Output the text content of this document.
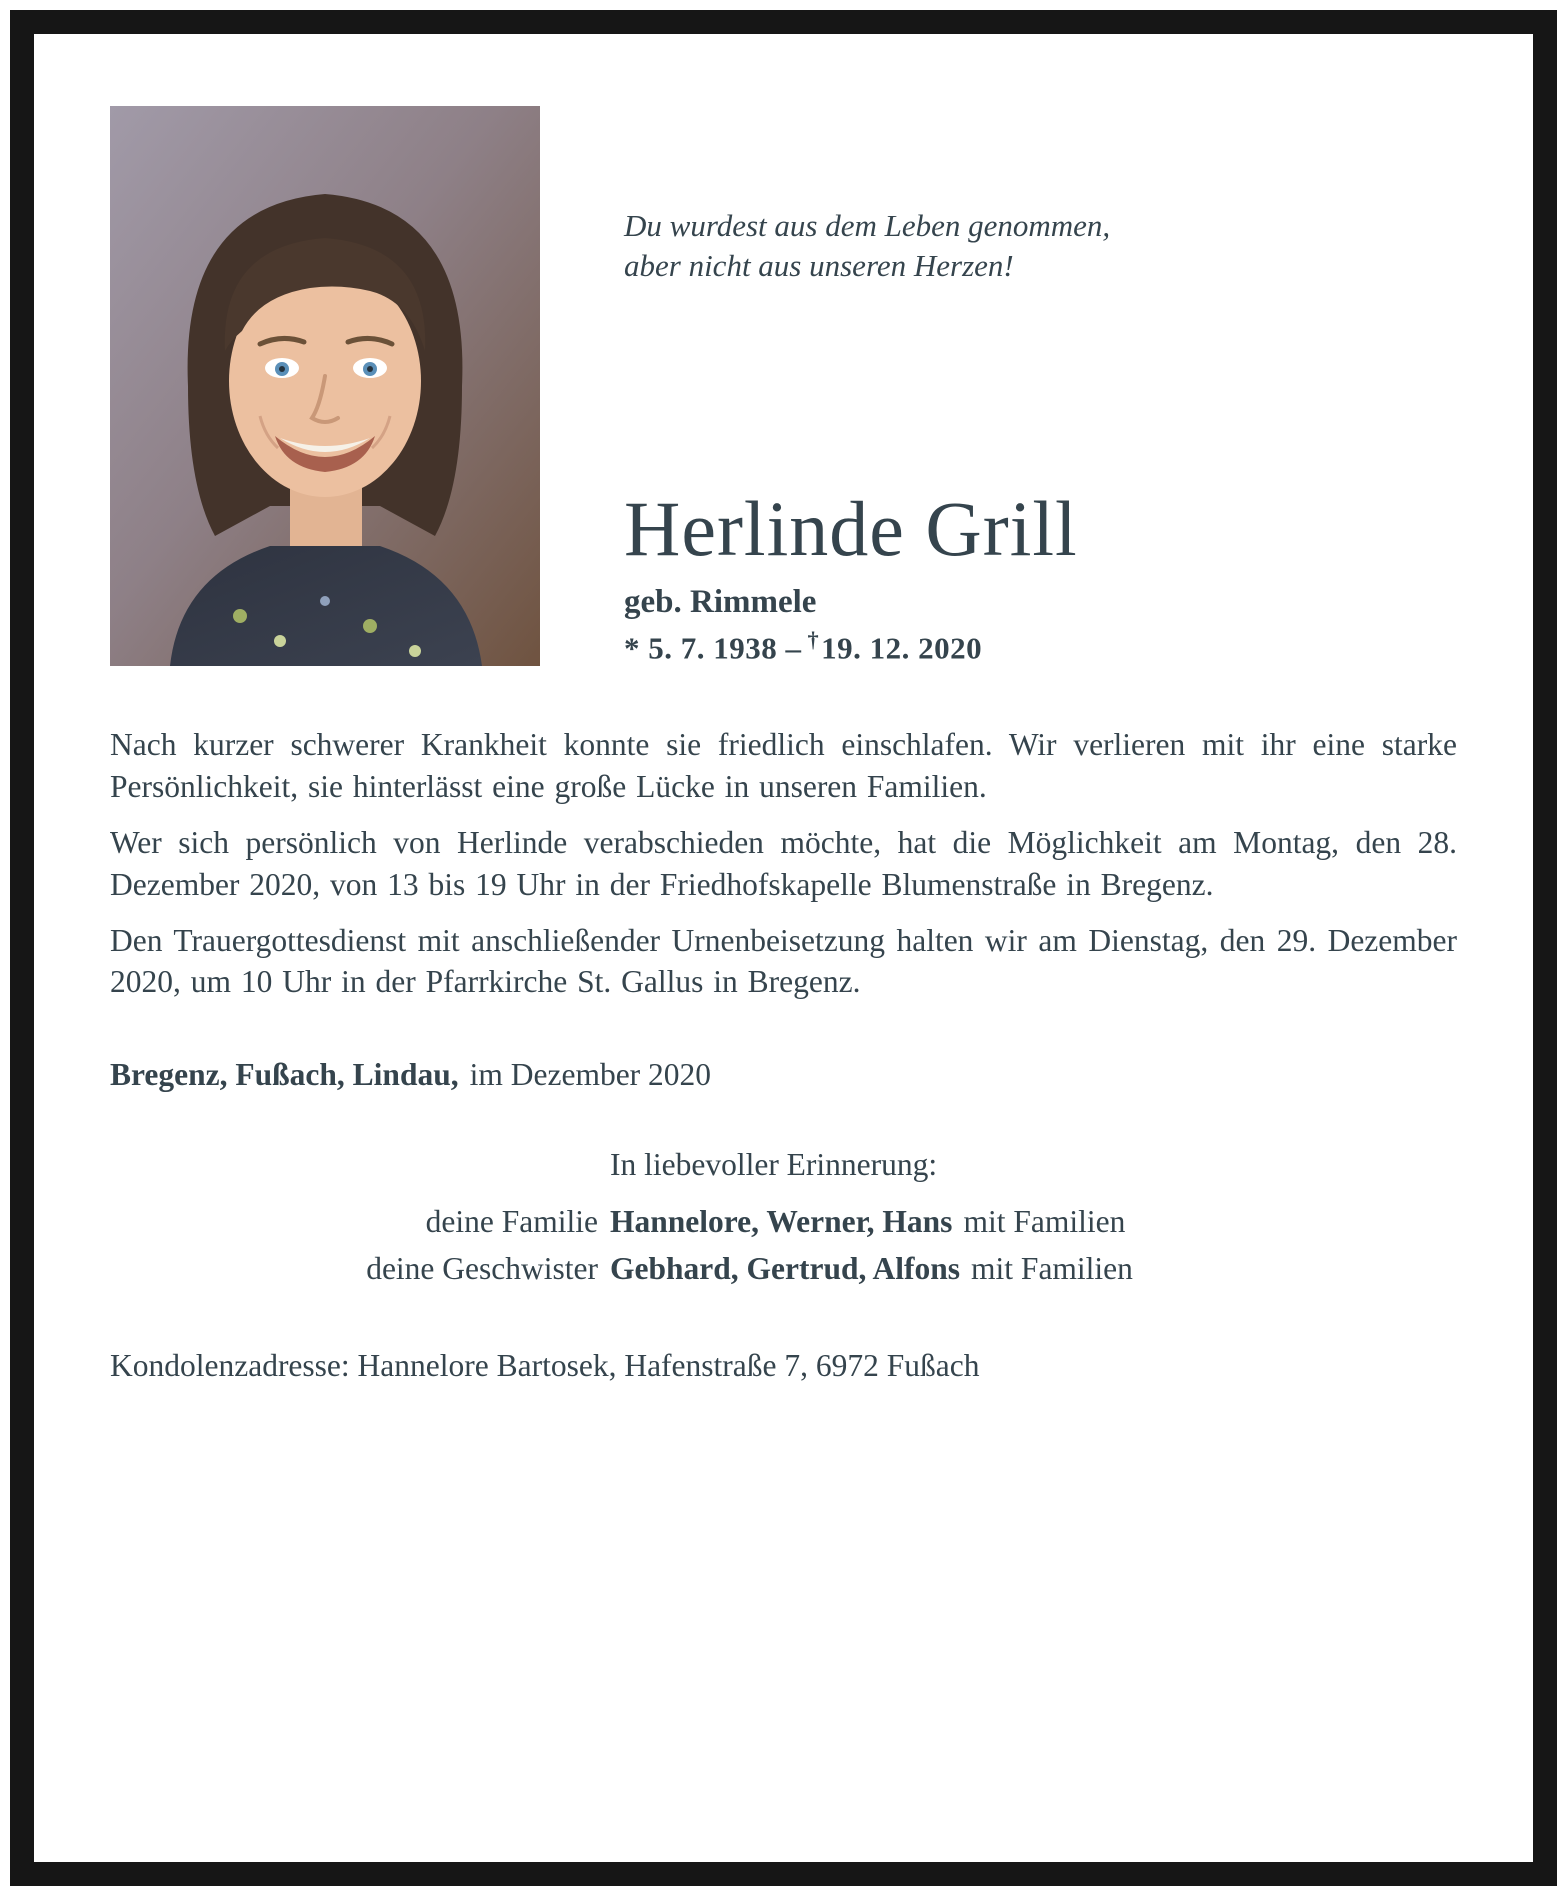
Du wurdest aus dem Leben genommen,
aber nicht aus unseren Herzen!
Herlinde Grill
geb. Rimmele
* 5. 7. 1938 – †19. 12. 2020

Nach kurzer schwerer Krankheit konnte sie friedlich einschlafen. Wir verlieren mit ihr eine starke Persönlichkeit, sie hinterlässt eine große Lücke in unseren Familien.

Wer sich persönlich von Herlinde verabschieden möchte, hat die Möglichkeit am Montag, den 28. Dezember 2020, von 13 bis 19 Uhr in der Friedhofskapelle Blumenstraße in Bregenz.

Den Trauergottesdienst mit anschließender Urnenbeisetzung halten wir am Dienstag, den 29. Dezember 2020, um 10 Uhr in der Pfarrkirche St. Gallus in Bregenz.

Bregenz, Fußach, Lindau, im Dezember 2020
In liebevoller Erinnerung:
deine Familie Hannelore, Werner, Hans mit Familien
deine Geschwister Gebhard, Gertrud, Alfons mit Familien
Kondolenzadresse: Hannelore Bartosek, Hafenstraße 7, 6972 Fußach
